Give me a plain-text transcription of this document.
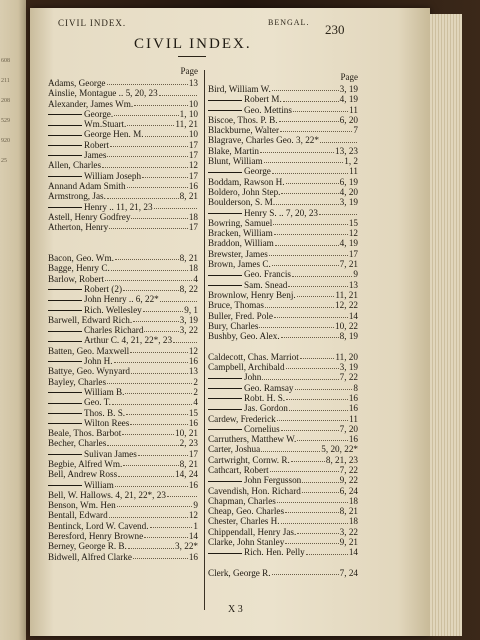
608
211
208
529
920
25
CIVIL INDEX.	BENGAL. 230
CIVIL INDEX.
Page
Adams, George	13
Ainslie, Montague .. 5, 20, 23
Alexander, James Wm.	10
George.	1, 10
Wm.Stuart.	11, 21
George Hen. M.	10
Robert	17
James	17
Allen, Charles	12
William Joseph	17
Annand Adam Smith	16
Armstrong, Jas.	8, 21
Henry .. 11, 21, 23
Astell, Henry Godfrey	18
Atherton, Henry	17
Bacon, Geo. Wm.	8, 21
Bagge, Henry C.	18
Barlow, Robert	4
Robert (2)	8, 22
John Henry .. 6, 22*
Rich. Wellesley	9, 1
Barwell, Edward Rich.	3, 19
Charles Richard	3, 22
Arthur C. 4, 21, 22*, 23
Batten, Geo. Maxwell	12
John H.	16
Battye, Geo. Wynyard	13
Bayley, Charles	2
William B.	2
Geo. T.	4
Thos. B. S.	15
Wilton Rees	16
Beale, Thos. Barbot	10, 21
Becher, Charles	2, 23
Sulivan James	17
Begbie, Alfred Wm.	8, 21
Bell, Andrew Ross	14, 24
William	16
Bell, W. Hallows. 4, 21, 22*, 23
Benson, Wm. Hen	9
Bentall, Edward	12
Bentinck, Lord W. Cavend.	1
Beresford, Henry Browne	14
Berney, George R. B.	3, 22*
Bidwell, Alfred Clarke	16
Page
Bird, William W.	3, 19
Robert M.	4, 19
Geo. Mettins	11
Biscoe, Thos. P. B.	6, 20
Blackburne, Walter	7
Blagrave, Charles Geo. 3, 22*
Blake, Martin	13, 23
Blunt, William	1, 2
George	11
Boddam, Rawson H.	6, 19
Boldero, John Step.	4, 20
Boulderson, S. M.	3, 19
Henry S. .. 7, 20, 23
Bowring, Samuel	15
Bracken, William	12
Braddon, William	4, 19
Brewster, James	17
Brown, James C.	7, 21
Geo. Francis	9
Sam. Snead	13
Brownlow, Henry Benj.	11, 21
Bruce, Thomas	12, 22
Buller, Fred. Pole	14
Bury, Charles	10, 22
Bushby, Geo. Alex.	8, 19
Caldecott, Chas. Marriot	11, 20
Campbell, Archibald	3, 19
John	7, 22
Geo. Ramsay	8
Robt. H. S.	16
Jas. Gordon	16
Cardew, Frederick	11
Cornelius	7, 20
Carruthers, Matthew W.	16
Carter, Joshua	5, 20, 22*
Cartwright, Cornw. R.	8, 21, 23
Cathcart, Robert	7, 22
John Fergusson	9, 22
Cavendish, Hon. Richard	6, 24
Chapman, Charles	18
Cheap, Geo. Charles	8, 21
Chester, Charles H.	18
Chippendall, Henry Jas.	3, 22
Clarke, John Stanley	9, 21
Rich. Hen. Pelly	14
Clerk, George R.	7, 24
X 3
